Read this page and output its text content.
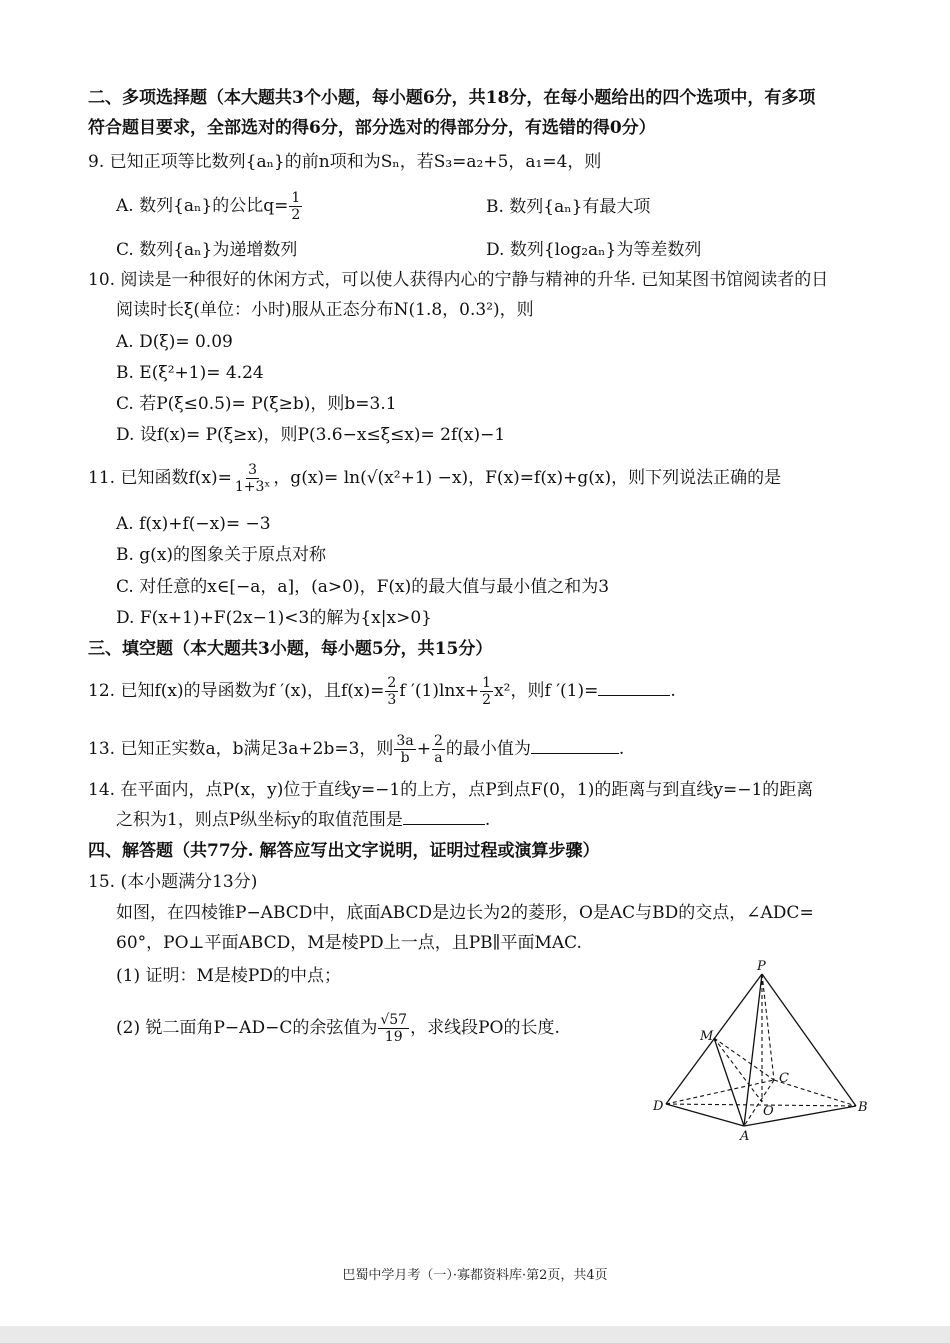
二、多项选择题（本大题共3个小题，每小题6分，共18分，在每小题给出的四个选项中，有多项
符合题目要求，全部选对的得6分，部分选对的得部分分，有选错的得0分）
9. 已知正项等比数列{aₙ}的前n项和为Sₙ，若S₃=a₂+5，a₁=4，则
A. 数列{aₙ}的公比$q= \frac{1}{2}$	B. 数列{aₙ}有最大项
C. 数列{aₙ}为递增数列	D. 数列{log₂aₙ}为等差数列
10. 阅读是一种很好的休闲方式，可以使人获得内心的宁静与精神的升华. 已知某图书馆阅读者的日
阅读时长ξ(单位：小时)服从正态分布N(1.8，0.3²)，则
A. D(ξ)= 0.09
B. E(ξ²+1)= 4.24
C. 若P(ξ≤0.5)= P(ξ≥b)，则b=3.1
D. 设f(x)= P(ξ≥x)，则P(3.6−x≤ξ≤x)= 2f(x)−1
11. 已知函数$f(x)= \frac{3}{\text{1+3ˣ}}$ ，g(x)= ln(√(x²+1) −x)，F(x)=f(x)+g(x)，则下列说法正确的是
A. f(x)+f(−x)= −3
B. g(x)的图象关于原点对称
C. 对任意的x∈[−a，a]，(a>0)，F(x)的最大值与最小值之和为3
D. F(x+1)+F(2x−1)<3的解为{x|x>0}
三、填空题（本大题共3小题，每小题5分，共15分）
12. 已知f(x)的导函数为f ′(x)，且$f(x)= \frac{2}{3}$ f $'(1)\ln x+ \frac{1}{2} x^2$，则f ′(1)=	.
13. 已知正实数a，b满足3a+2b=3，则 $\frac{3a}{b} + \frac{2}{a}$ 的最小值为	.
14. 在平面内，点P(x，y)位于直线y=−1的上方，点P到点F(0，1)的距离与到直线y=−1的距离
之积为1，则点P纵坐标y的取值范围是	.
四、解答题（共77分. 解答应写出文字说明，证明过程或演算步骤）
15. (本小题满分13分)
如图，在四棱锥P−ABCD中，底面ABCD是边长为2的菱形，O是AC与BD的交点，∠ADC=
60°，PO⊥平面ABCD，M是棱PD上一点，且PB∥平面MAC.
(1) 证明：M是棱PD的中点；
(2) 锐二面角P−AD−C的余弦值为 $\frac{√57}{19}$ ，求线段PO的长度.
P
M
C
D	O	B
A
巴蜀中学月考（一）·寡都资料库·第2页，共4页
